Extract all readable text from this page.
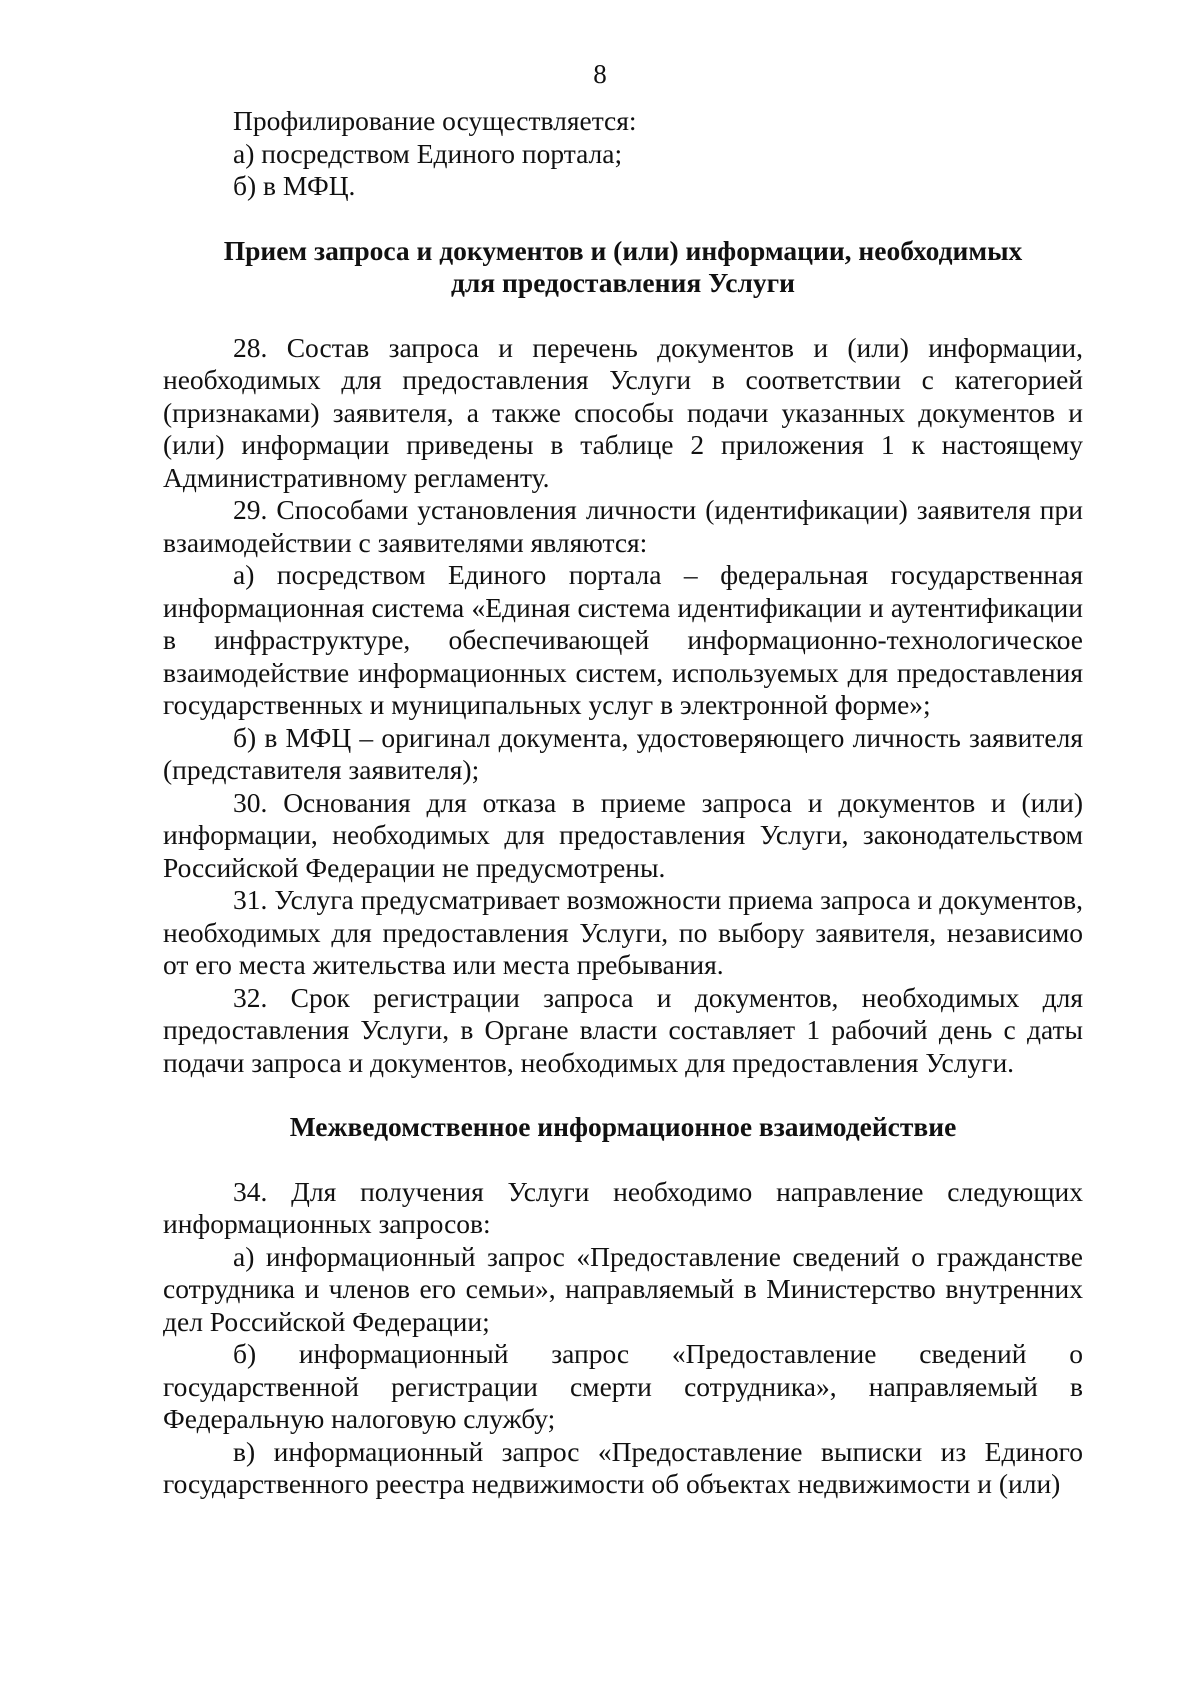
8

Профилирование осуществляется:

а) посредством Единого портала;

б) в МФЦ.

Прием запроса и документов и (или) информации, необходимых
для предоставления Услуги

28. Состав запроса и перечень документов и (или) информации, необходимых для предоставления Услуги в соответствии с категорией (признаками) заявителя, а также способы подачи указанных документов и (или) информации приведены в таблице 2 приложения 1 к настоящему Административному регламенту.

29. Способами установления личности (идентификации) заявителя при взаимодействии с заявителями являются:

а) посредством Единого портала – федеральная государственная информационная система «Единая система идентификации и аутентификации в инфраструктуре, обеспечивающей информационно-технологическое взаимодействие информационных систем, используемых для предоставления государственных и муниципальных услуг в электронной форме»;

б) в МФЦ – оригинал документа, удостоверяющего личность заявителя (представителя заявителя);

30. Основания для отказа в приеме запроса и документов и (или) информации, необходимых для предоставления Услуги, законодательством Российской Федерации не предусмотрены.

31. Услуга предусматривает возможности приема запроса и документов, необходимых для предоставления Услуги, по выбору заявителя, независимо от его места жительства или места пребывания.

32. Срок регистрации запроса и документов, необходимых для предоставления Услуги, в Органе власти составляет 1 рабочий день с даты подачи запроса и документов, необходимых для предоставления Услуги.

Межведомственное информационное взаимодействие

34. Для получения Услуги необходимо направление следующих информационных запросов:

а) информационный запрос «Предоставление сведений о гражданстве сотрудника и членов его семьи», направляемый в Министерство внутренних дел Российской Федерации;

б) информационный запрос «Предоставление сведений о государственной регистрации смерти сотрудника», направляемый в Федеральную налоговую службу;

в) информационный запрос «Предоставление выписки из Единого государственного реестра недвижимости об объектах недвижимости и (или)
